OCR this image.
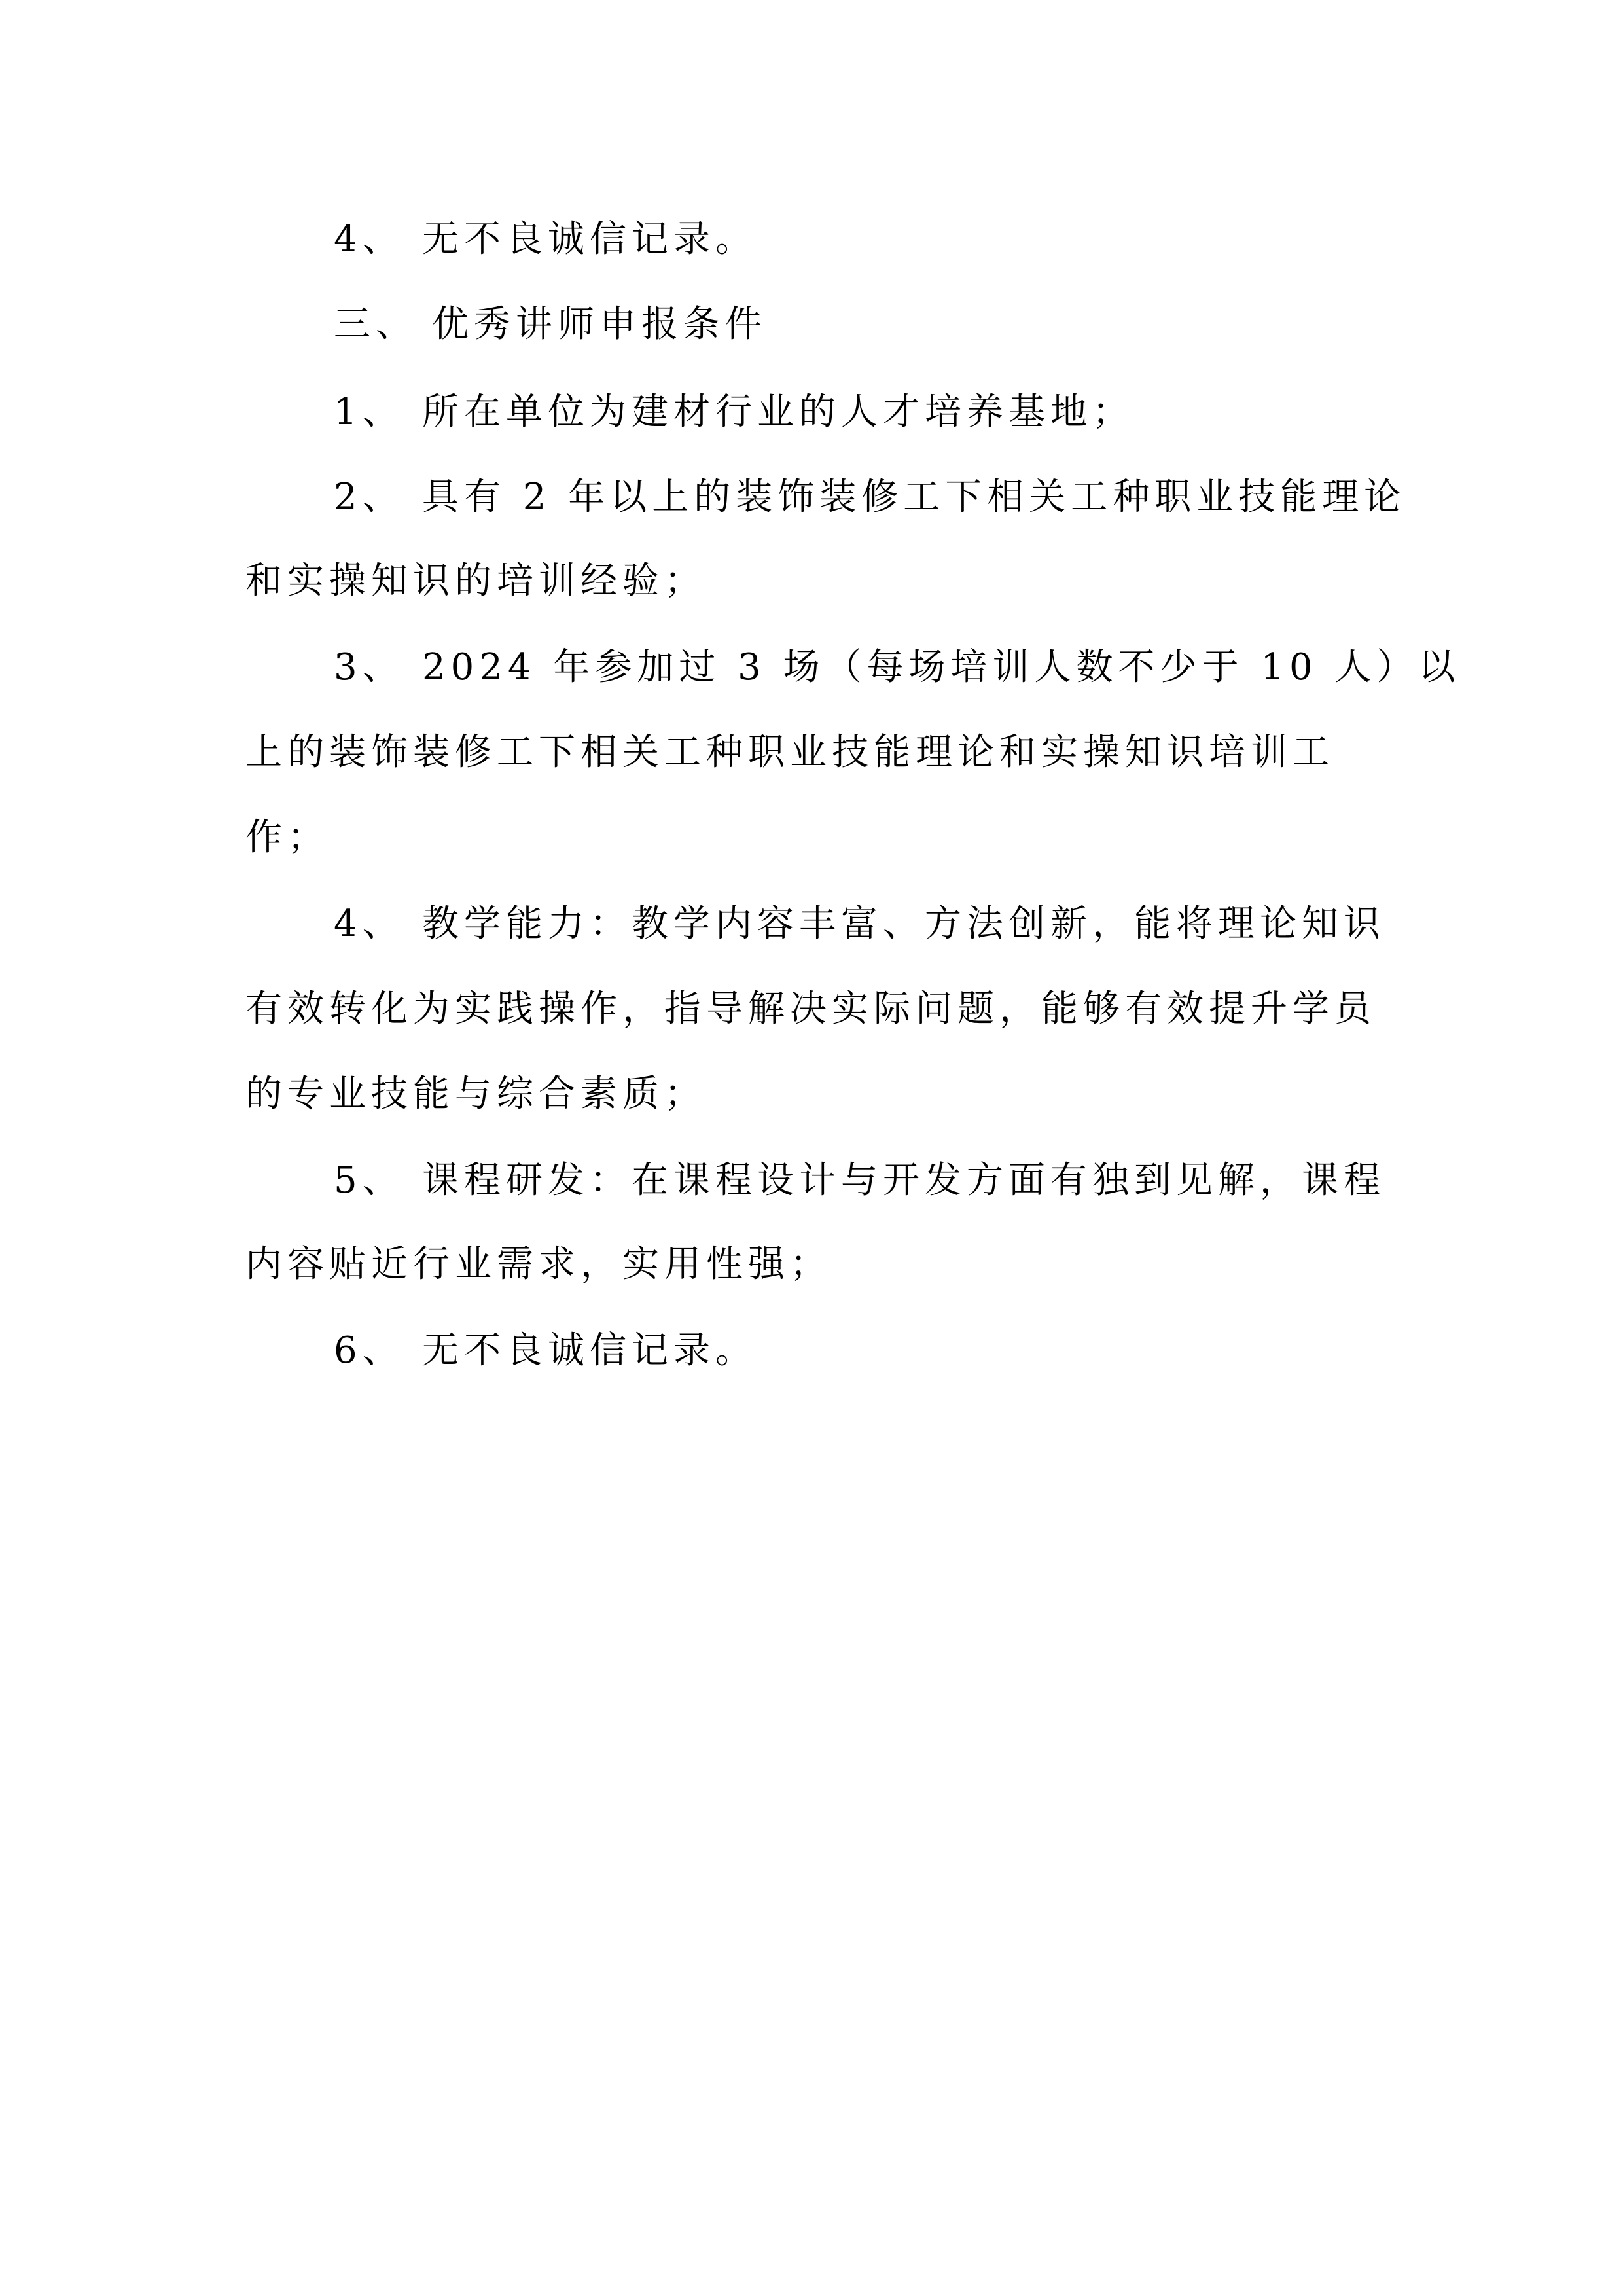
4、 无不良诚信记录。
三、 优秀讲师申报条件
1、 所在单位为建材行业的人才培养基地；
2、 具有 2 年以上的装饰装修工下相关工种职业技能理论
和实操知识的培训经验；
3、 2024 年参加过 3 场（每场培训人数不少于 10 人）以
上的装饰装修工下相关工种职业技能理论和实操知识培训工
作；
4、 教学能力：教学内容丰富、方法创新，能将理论知识
有效转化为实践操作，指导解决实际问题，能够有效提升学员
的专业技能与综合素质；
5、 课程研发：在课程设计与开发方面有独到见解，课程
内容贴近行业需求，实用性强；
6、 无不良诚信记录。
